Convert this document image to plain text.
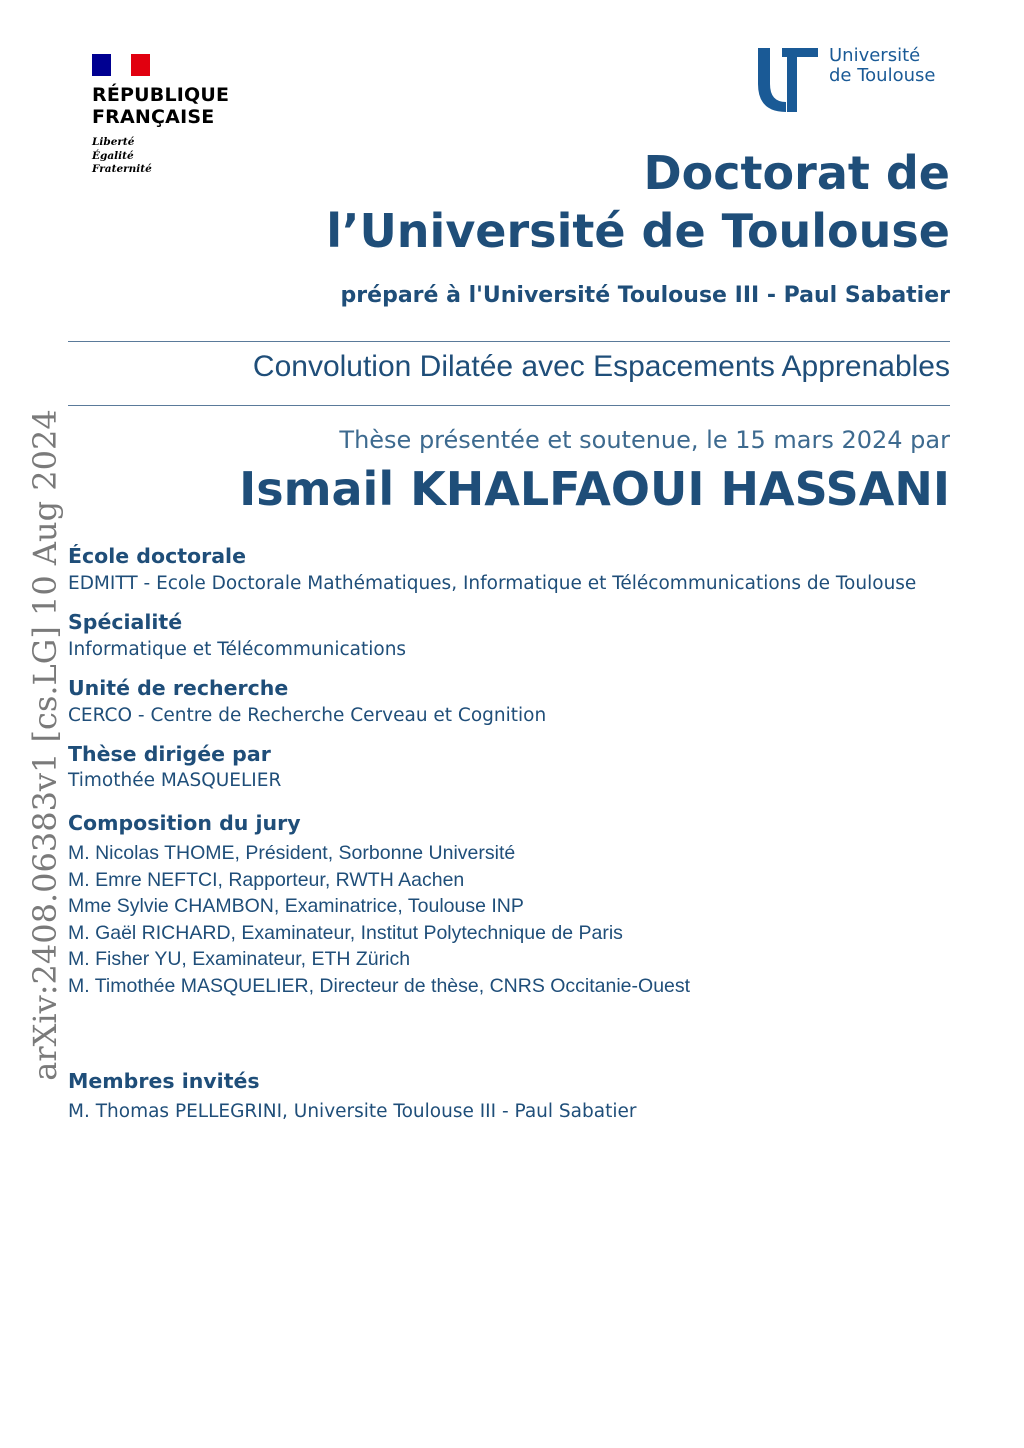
RÉPUBLIQUE
FRANÇAISE
Liberté
Égalité
Fraternité
Université
de Toulouse
Doctorat de
l’Université de Toulouse
préparé à l'Université Toulouse III - Paul Sabatier
Convolution Dilatée avec Espacements Apprenables
Thèse présentée et soutenue, le 15 mars 2024 par
Ismail KHALFAOUI HASSANI
École doctorale
EDMITT - Ecole Doctorale Mathématiques, Informatique et Télécommunications de Toulouse
Spécialité
Informatique et Télécommunications
Unité de recherche
CERCO - Centre de Recherche Cerveau et Cognition
Thèse dirigée par
Timothée MASQUELIER
Composition du jury
M. Nicolas THOME, Président, Sorbonne Université
M. Emre NEFTCI, Rapporteur, RWTH Aachen
Mme Sylvie CHAMBON, Examinatrice, Toulouse INP
M. Gaël RICHARD, Examinateur, Institut Polytechnique de Paris
M. Fisher YU, Examinateur, ETH Zürich
M. Timothée MASQUELIER, Directeur de thèse, CNRS Occitanie-Ouest
Membres invités
M. Thomas PELLEGRINI, Universite Toulouse III - Paul Sabatier
arXiv:2408.06383v1 [cs.LG] 10 Aug 2024
